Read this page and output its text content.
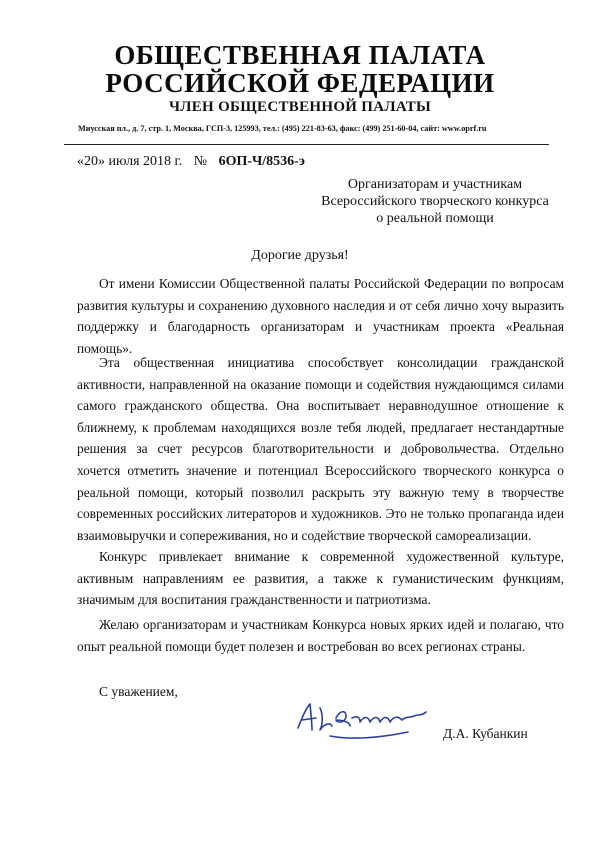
ОБЩЕСТВЕННАЯ ПАЛАТА
РОССИЙСКОЙ ФЕДЕРАЦИИ
ЧЛЕН ОБЩЕСТВЕННОЙ ПАЛАТЫ
Миусская пл., д. 7, стр. 1, Москва, ГСП-3, 125993, тел.: (495) 221-83-63, факс: (499) 251-60-04, сайт: www.oprf.ru
«20» июля 2018 г. № 6ОП-Ч/8536-э
Организаторам и участникам
Всероссийского творческого конкурса
о реальной помощи
Дорогие друзья!
От имени Комиссии Общественной палаты Российской Федерации по вопросам развития культуры и сохранению духовного наследия и от себя лично хочу выразить поддержку и благодарность организаторам и участникам проекта «Реальная помощь».
Эта общественная инициатива способствует консолидации гражданской активности, направленной на оказание помощи и содействия нуждающимся силами самого гражданского общества. Она воспитывает неравнодушное отношение к ближнему, к проблемам находящихся возле тебя людей, предлагает нестандартные решения за счет ресурсов благотворительности и добровольчества. Отдельно хочется отметить значение и потенциал Всероссийского творческого конкурса о реальной помощи, который позволил раскрыть эту важную тему в творчестве современных российских литераторов и художников. Это не только пропаганда идеи взаимовыручки и сопереживания, но и содействие творческой самореализации.
Конкурс привлекает внимание к современной художественной культуре, активным направлениям ее развития, а также к гуманистическим функциям, значимым для воспитания гражданственности и патриотизма.
Желаю организаторам и участникам Конкурса новых ярких идей и полагаю, что опыт реальной помощи будет полезен и востребован во всех регионах страны.
С уважением,
Д.А. Кубанкин
